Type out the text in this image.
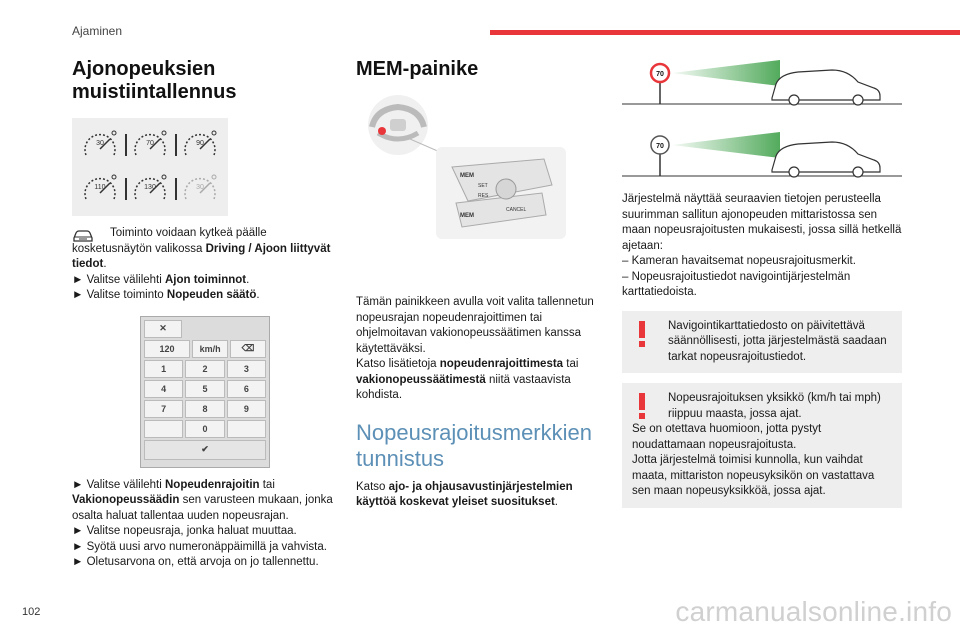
Ajaminen
Ajonopeuksien
muistiintallennus
30	70	90
110	130	30

Toiminto voidaan kytkeä päälle kosketusnäytön valikossa Driving / Ajoon liittyvät tiedot.

► Valitse välilehti Ajon toiminnot.

► Valitse toiminto Nopeuden säätö.

✕
120	km/h	⌫
1	2	3
4	5	6
7	8	9
0
✔

► Valitse välilehti Nopeudenrajoitin tai Vakionopeussäädin sen varusteen mukaan, jonka osalta haluat tallentaa uuden nopeusrajan.

► Valitse nopeusraja, jonka haluat muuttaa.

► Syötä uusi arvo numeronäppäimillä ja vahvista.

► Oletusarvona on, että arvoja on jo tallennettu.

MEM-painike
MEM
SET
RES
MEM
CANCEL

Tämän painikkeen avulla voit valita tallennetun nopeusrajan nopeudenrajoittimen tai ohjelmoitavan vakionopeussäätimen kanssa käytettäväksi.

Katso lisätietoja nopeudenrajoittimesta tai vakionopeussäätimestä niitä vastaavista kohdista.

Nopeusrajoitusmerkkien
tunnistus

Katso ajo- ja ohjausavustinjärjestelmien käyttöä koskevat yleiset suositukset.

70
70

Järjestelmä näyttää seuraavien tietojen perusteella suurimman sallitun ajonopeuden mittaristossa sen maan nopeusrajoitusten mukaisesti, jossa sillä hetkellä ajetaan:

– Kameran havaitsemat nopeusrajoitusmerkit.

– Nopeusrajoitustiedot navigointijärjestelmän karttatiedoista.

Navigointikarttatiedosto on päivitettävä säännöllisesti, jotta järjestelmästä saadaan tarkat nopeusrajoitustiedot.

Nopeusrajoituksen yksikkö (km/h tai mph) riippuu maasta, jossa ajat.

Se on otettava huomioon, jotta pystyt noudattamaan nopeusrajoitusta.

Jotta järjestelmä toimisi kunnolla, kun vaihdat maata, mittariston nopeusyksikön on vastattava sen maan nopeusyksikköä, jossa ajat.

102	carmanualsonline.info
